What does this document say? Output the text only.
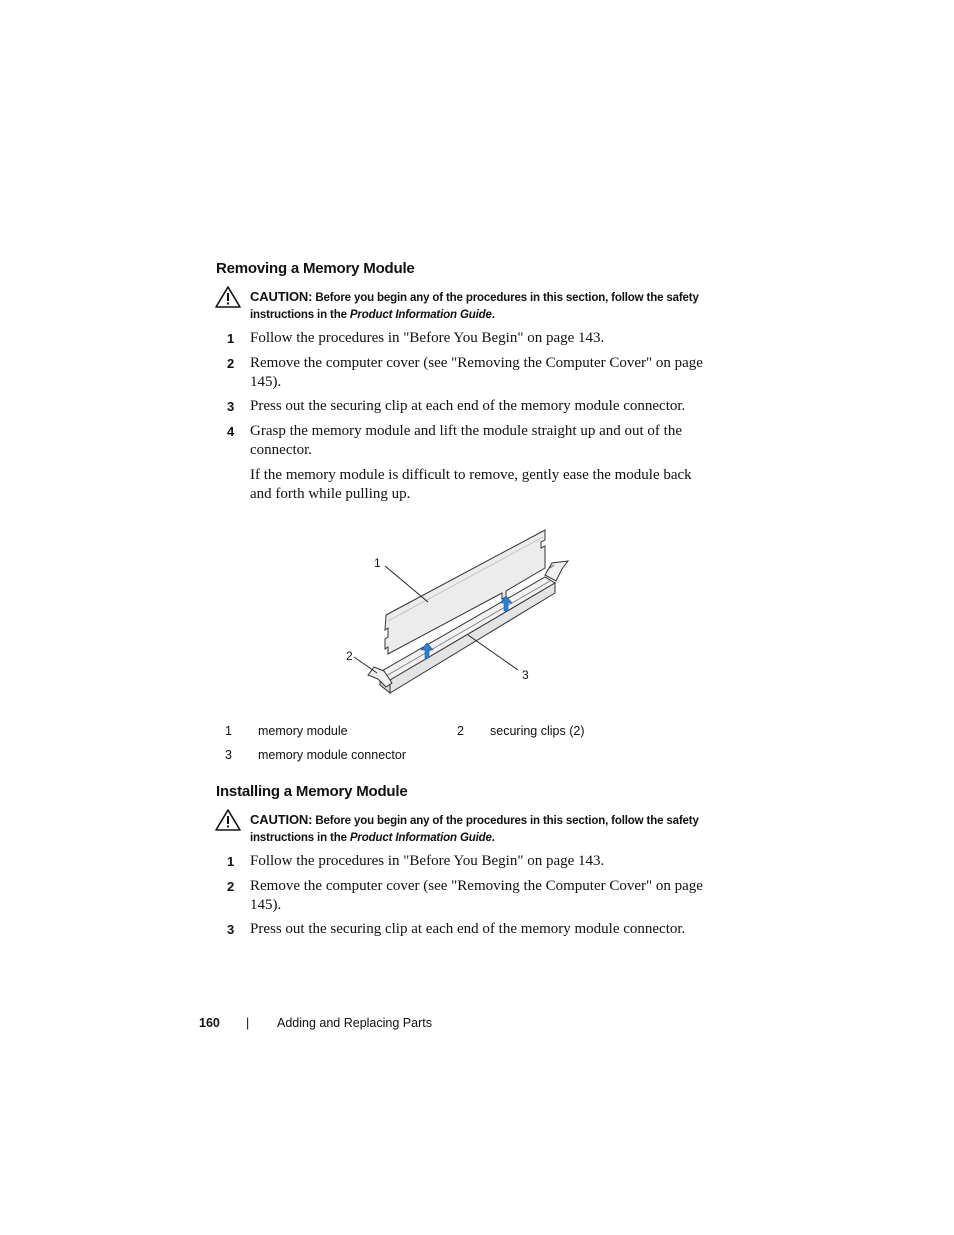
Removing a Memory Module
CAUTION: Before you begin any of the procedures in this section, follow the safety instructions in the Product Information Guide.
1 Follow the procedures in "Before You Begin" on page 143.
2 Remove the computer cover (see "Removing the Computer Cover" on page 145).
3 Press out the securing clip at each end of the memory module connector.
4 Grasp the memory module and lift the module straight up and out of the connector.
If the memory module is difficult to remove, gently ease the module back and forth while pulling up.
1
2
3
1 memory module	2 securing clips (2)
3 memory module connector
Installing a Memory Module
CAUTION: Before you begin any of the procedures in this section, follow the safety instructions in the Product Information Guide.
1 Follow the procedures in "Before You Begin" on page 143.
2 Remove the computer cover (see "Removing the Computer Cover" on page 145).
3 Press out the securing clip at each end of the memory module connector.
160 | Adding and Replacing Parts
